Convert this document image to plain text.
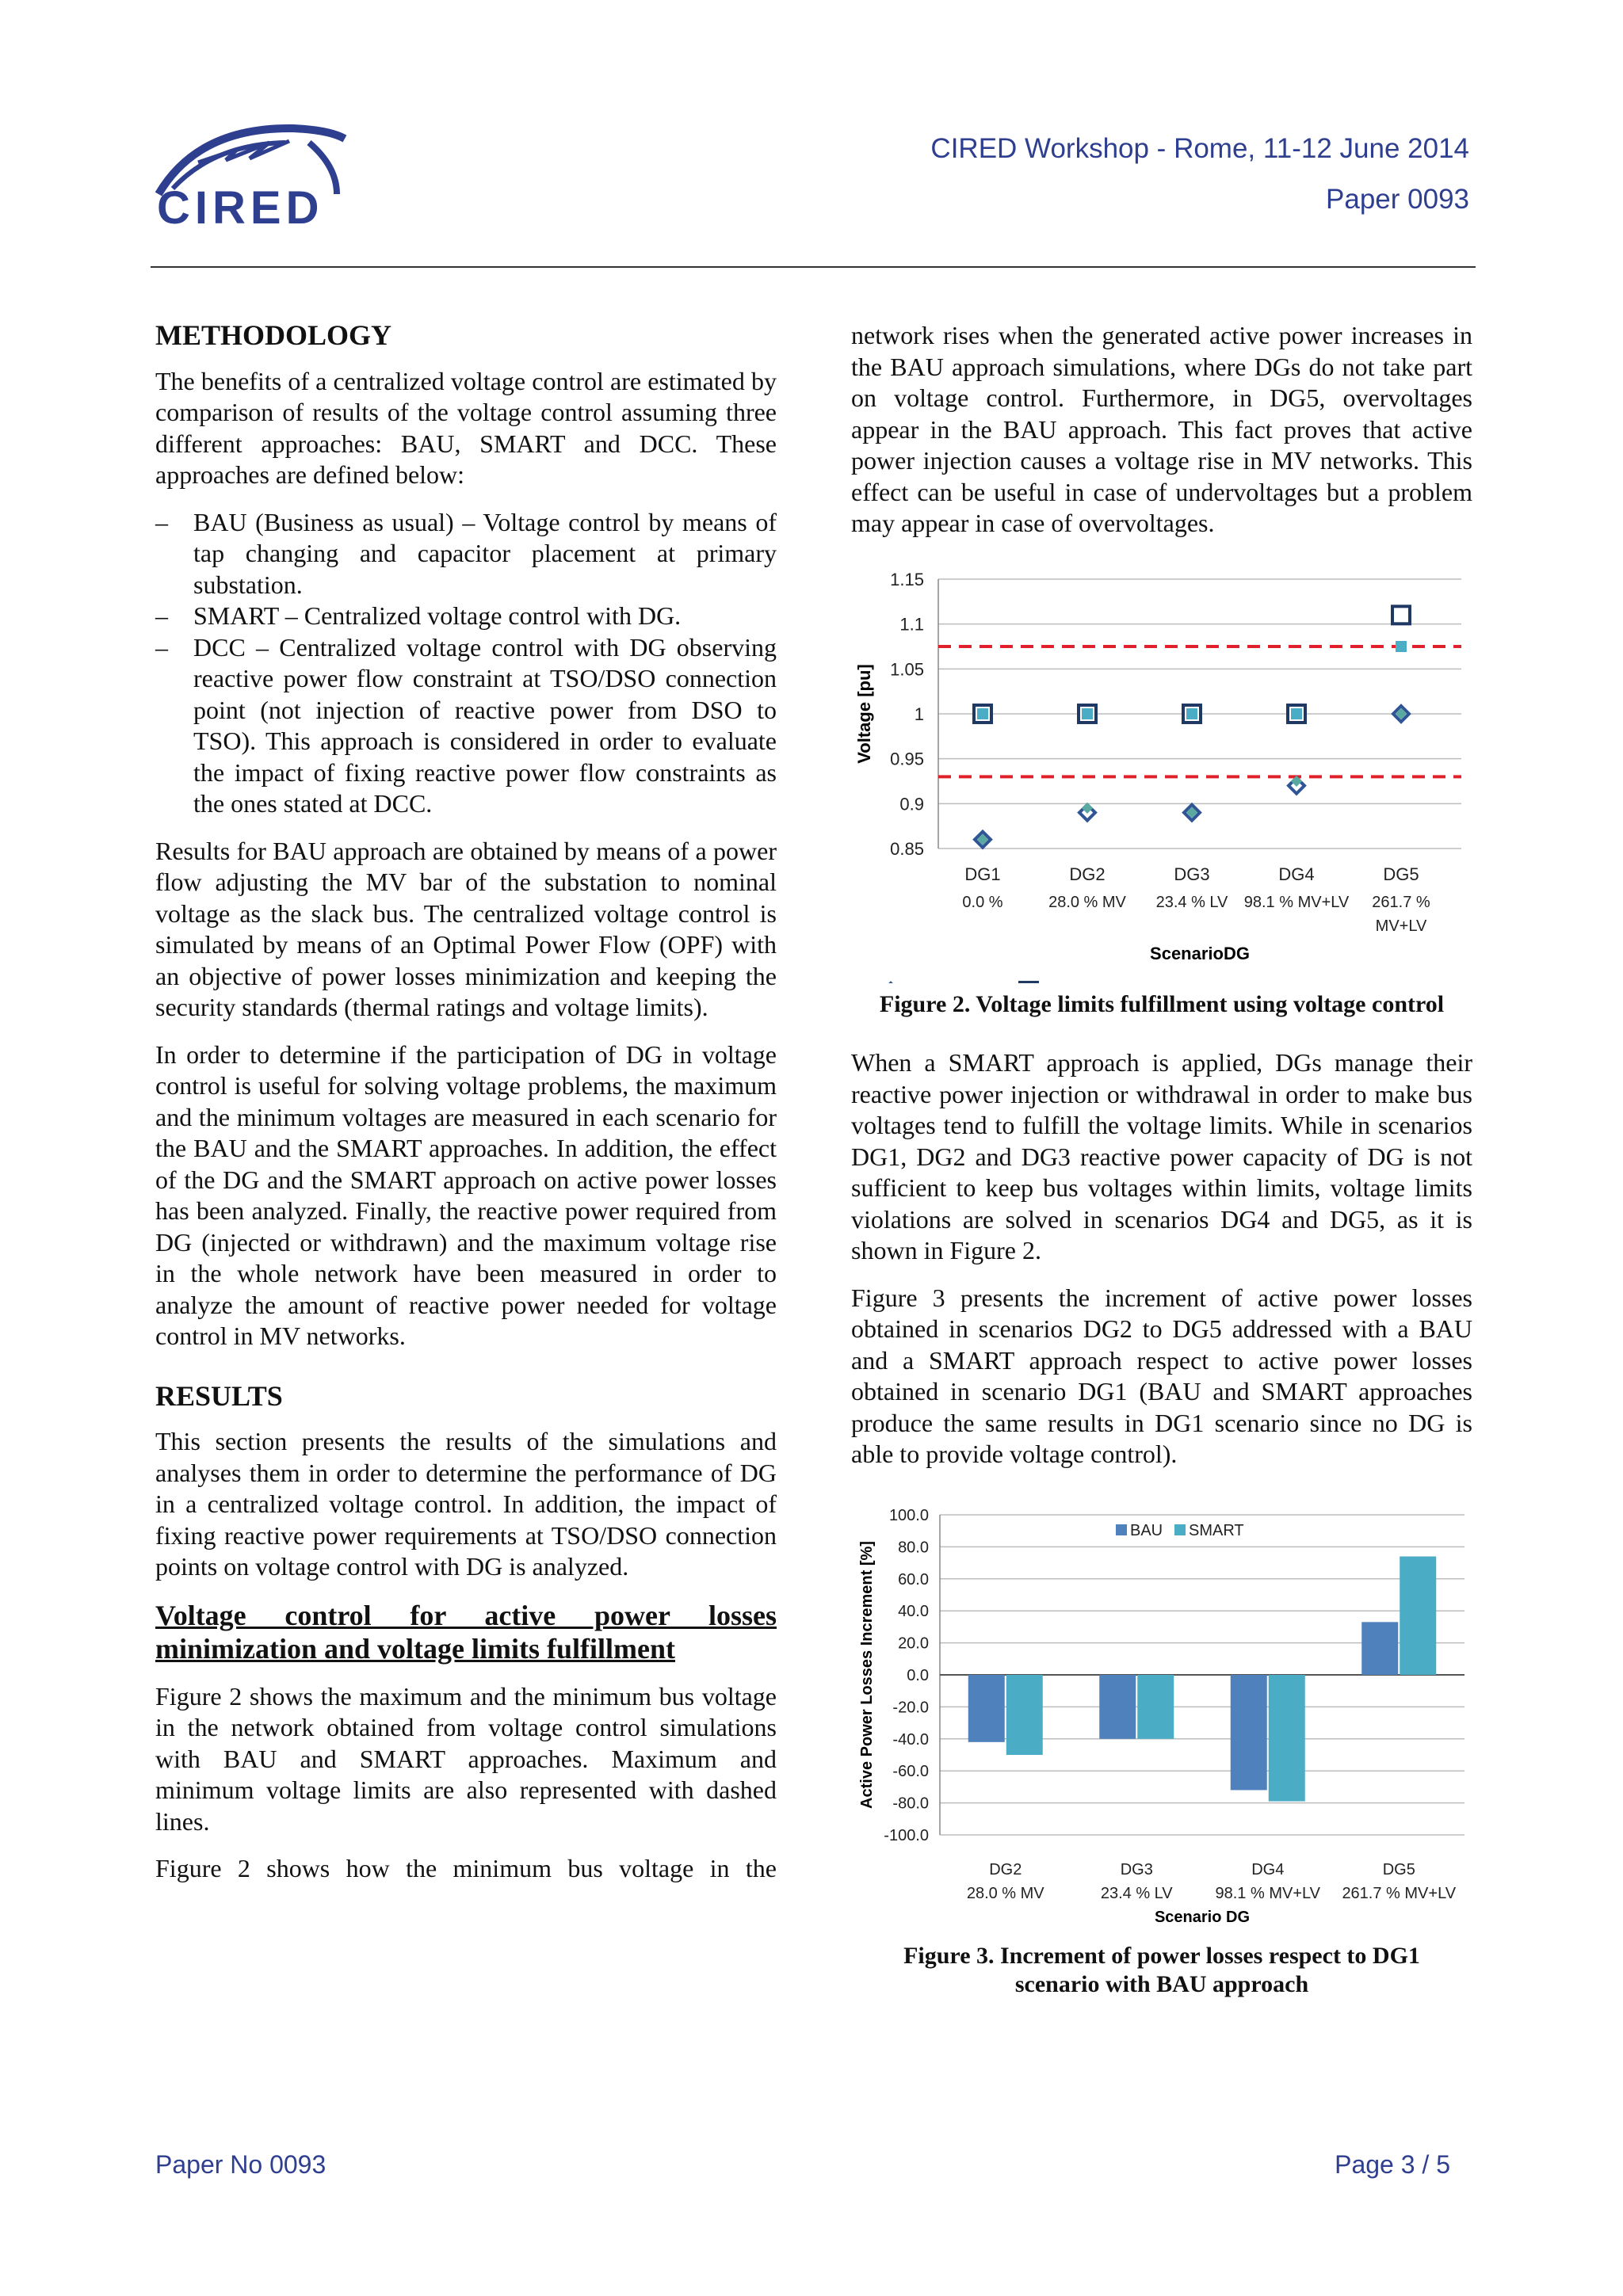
CIRED
CIRED Workshop - Rome, 11-12 June 2014
Paper 0093
METHODOLOGY

The benefits of a centralized voltage control are estimated by comparison of results of the voltage control assuming three different approaches: BAU, SMART and DCC. These approaches are defined below:

– BAU (Business as usual) – Voltage control by means of tap changing and capacitor placement at primary substation.
– SMART – Centralized voltage control with DG.
– DCC – Centralized voltage control with DG observing reactive power flow constraint at TSO/DSO connection point (not injection of reactive power from DSO to TSO). This approach is considered in order to evaluate the impact of fixing reactive power flow constraints as the ones stated at DCC.

Results for BAU approach are obtained by means of a power flow adjusting the MV bar of the substation to nominal voltage as the slack bus. The centralized voltage control is simulated by means of an Optimal Power Flow (OPF) with an objective of power losses minimization and keeping the security standards (thermal ratings and voltage limits).

In order to determine if the participation of DG in voltage control is useful for solving voltage problems, the maximum and the minimum voltages are measured in each scenario for the BAU and the SMART approaches. In addition, the effect of the DG and the SMART approach on active power losses has been analyzed. Finally, the reactive power required from DG (injected or withdrawn) and the maximum voltage rise in the whole network have been measured in order to analyze the amount of reactive power needed for voltage control in MV networks.

RESULTS

This section presents the results of the simulations and analyses them in order to determine the performance of DG in a centralized voltage control. In addition, the impact of fixing reactive power requirements at TSO/DSO connection points on voltage control with DG is analyzed.

Voltage control for active power losses minimization and voltage limits fulfillment

Figure 2 shows the maximum and the minimum bus voltage in the network obtained from voltage control simulations with BAU and SMART approaches. Maximum and minimum voltage limits are also represented with dashed lines.

Figure 2 shows how the minimum bus voltage in the

network rises when the generated active power increases in the BAU approach simulations, where DGs do not take part on voltage control. Furthermore, in DG5, overvoltages appear in the BAU approach. This fact proves that active power injection causes a voltage rise in MV networks. This effect can be useful in case of undervoltages but a problem may appear in case of overvoltages.

0.85
0.9
0.95
1
1.05
1.1
1.15
Voltage [pu]
DG1	DG2	DG3	DG4	DG5
0.0 %	28.0 % MV 23.4 % LV 98.1 % MV+LV 261.7 %
MV+LV
ScenarioDG
Figure 2. Voltage limits fulfillment using voltage control

When a SMART approach is applied, DGs manage their reactive power injection or withdrawal in order to make bus voltages tend to fulfill the voltage limits. While in scenarios DG1, DG2 and DG3 reactive power capacity of DG is not sufficient to keep bus voltages within limits, voltage limits violations are solved in scenarios DG4 and DG5, as it is shown in Figure 2.

Figure 3 presents the increment of active power losses obtained in scenarios DG2 to DG5 addressed with a BAU and a SMART approach respect to active power losses obtained in scenario DG1 (BAU and SMART approaches produce the same results in DG1 scenario since no DG is able to provide voltage control).

-100.0
-80.0
-60.0
-40.0
-20.0
0.0
20.0
40.0
60.0
80.0
100.0
Active Power Losses Increment [%]
DG2
28.0 % MV
DG3
23.4 % LV
DG4
98.1 % MV+LV
DG5
261.7 % MV+LV
Scenario DG
BAU SMART
Figure 3. Increment of power losses respect to DG1
scenario with BAU approach
Paper No 0093	Page 3 / 5
